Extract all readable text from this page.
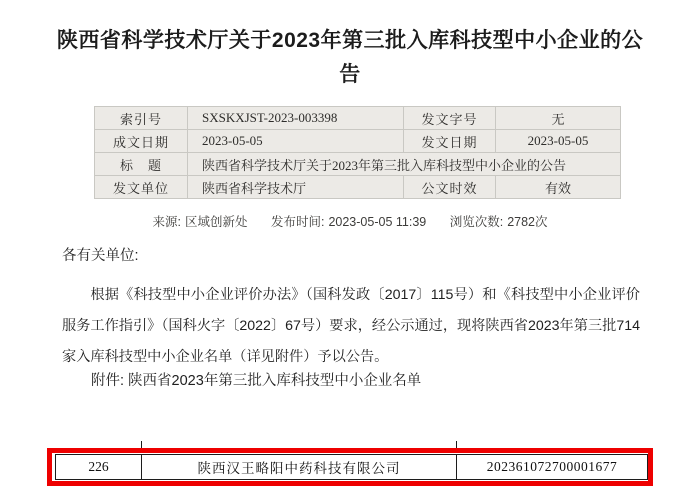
陕西省科学技术厅关于2023年第三批入库科技型中小企业的公告
索引号	SXSKXJST-2023-003398	发文字号	无
成文日期	2023-05-05	发文日期	2023-05-05
标　题	陕西省科学技术厅关于2023年第三批入库科技型中小企业的公告		
发文单位	陕西省科学技术厅	公文时效	有效
来源: 区域创新处 发布时间: 2023-05-05 11:39 浏览次数: 2782次
各有关单位:
根据《科技型中小企业评价办法》（国科发政〔2017〕115号）和《科技型中小企业评价服务工作指引》（国科火字〔2022〕67号）要求，经公示通过，现将陕西省2023年第三批714家入库科技型中小企业名单（详见附件）予以公告。
附件: 陕西省2023年第三批入库科技型中小企业名单
226	陕西汉王略阳中药科技有限公司	202361072700001677
